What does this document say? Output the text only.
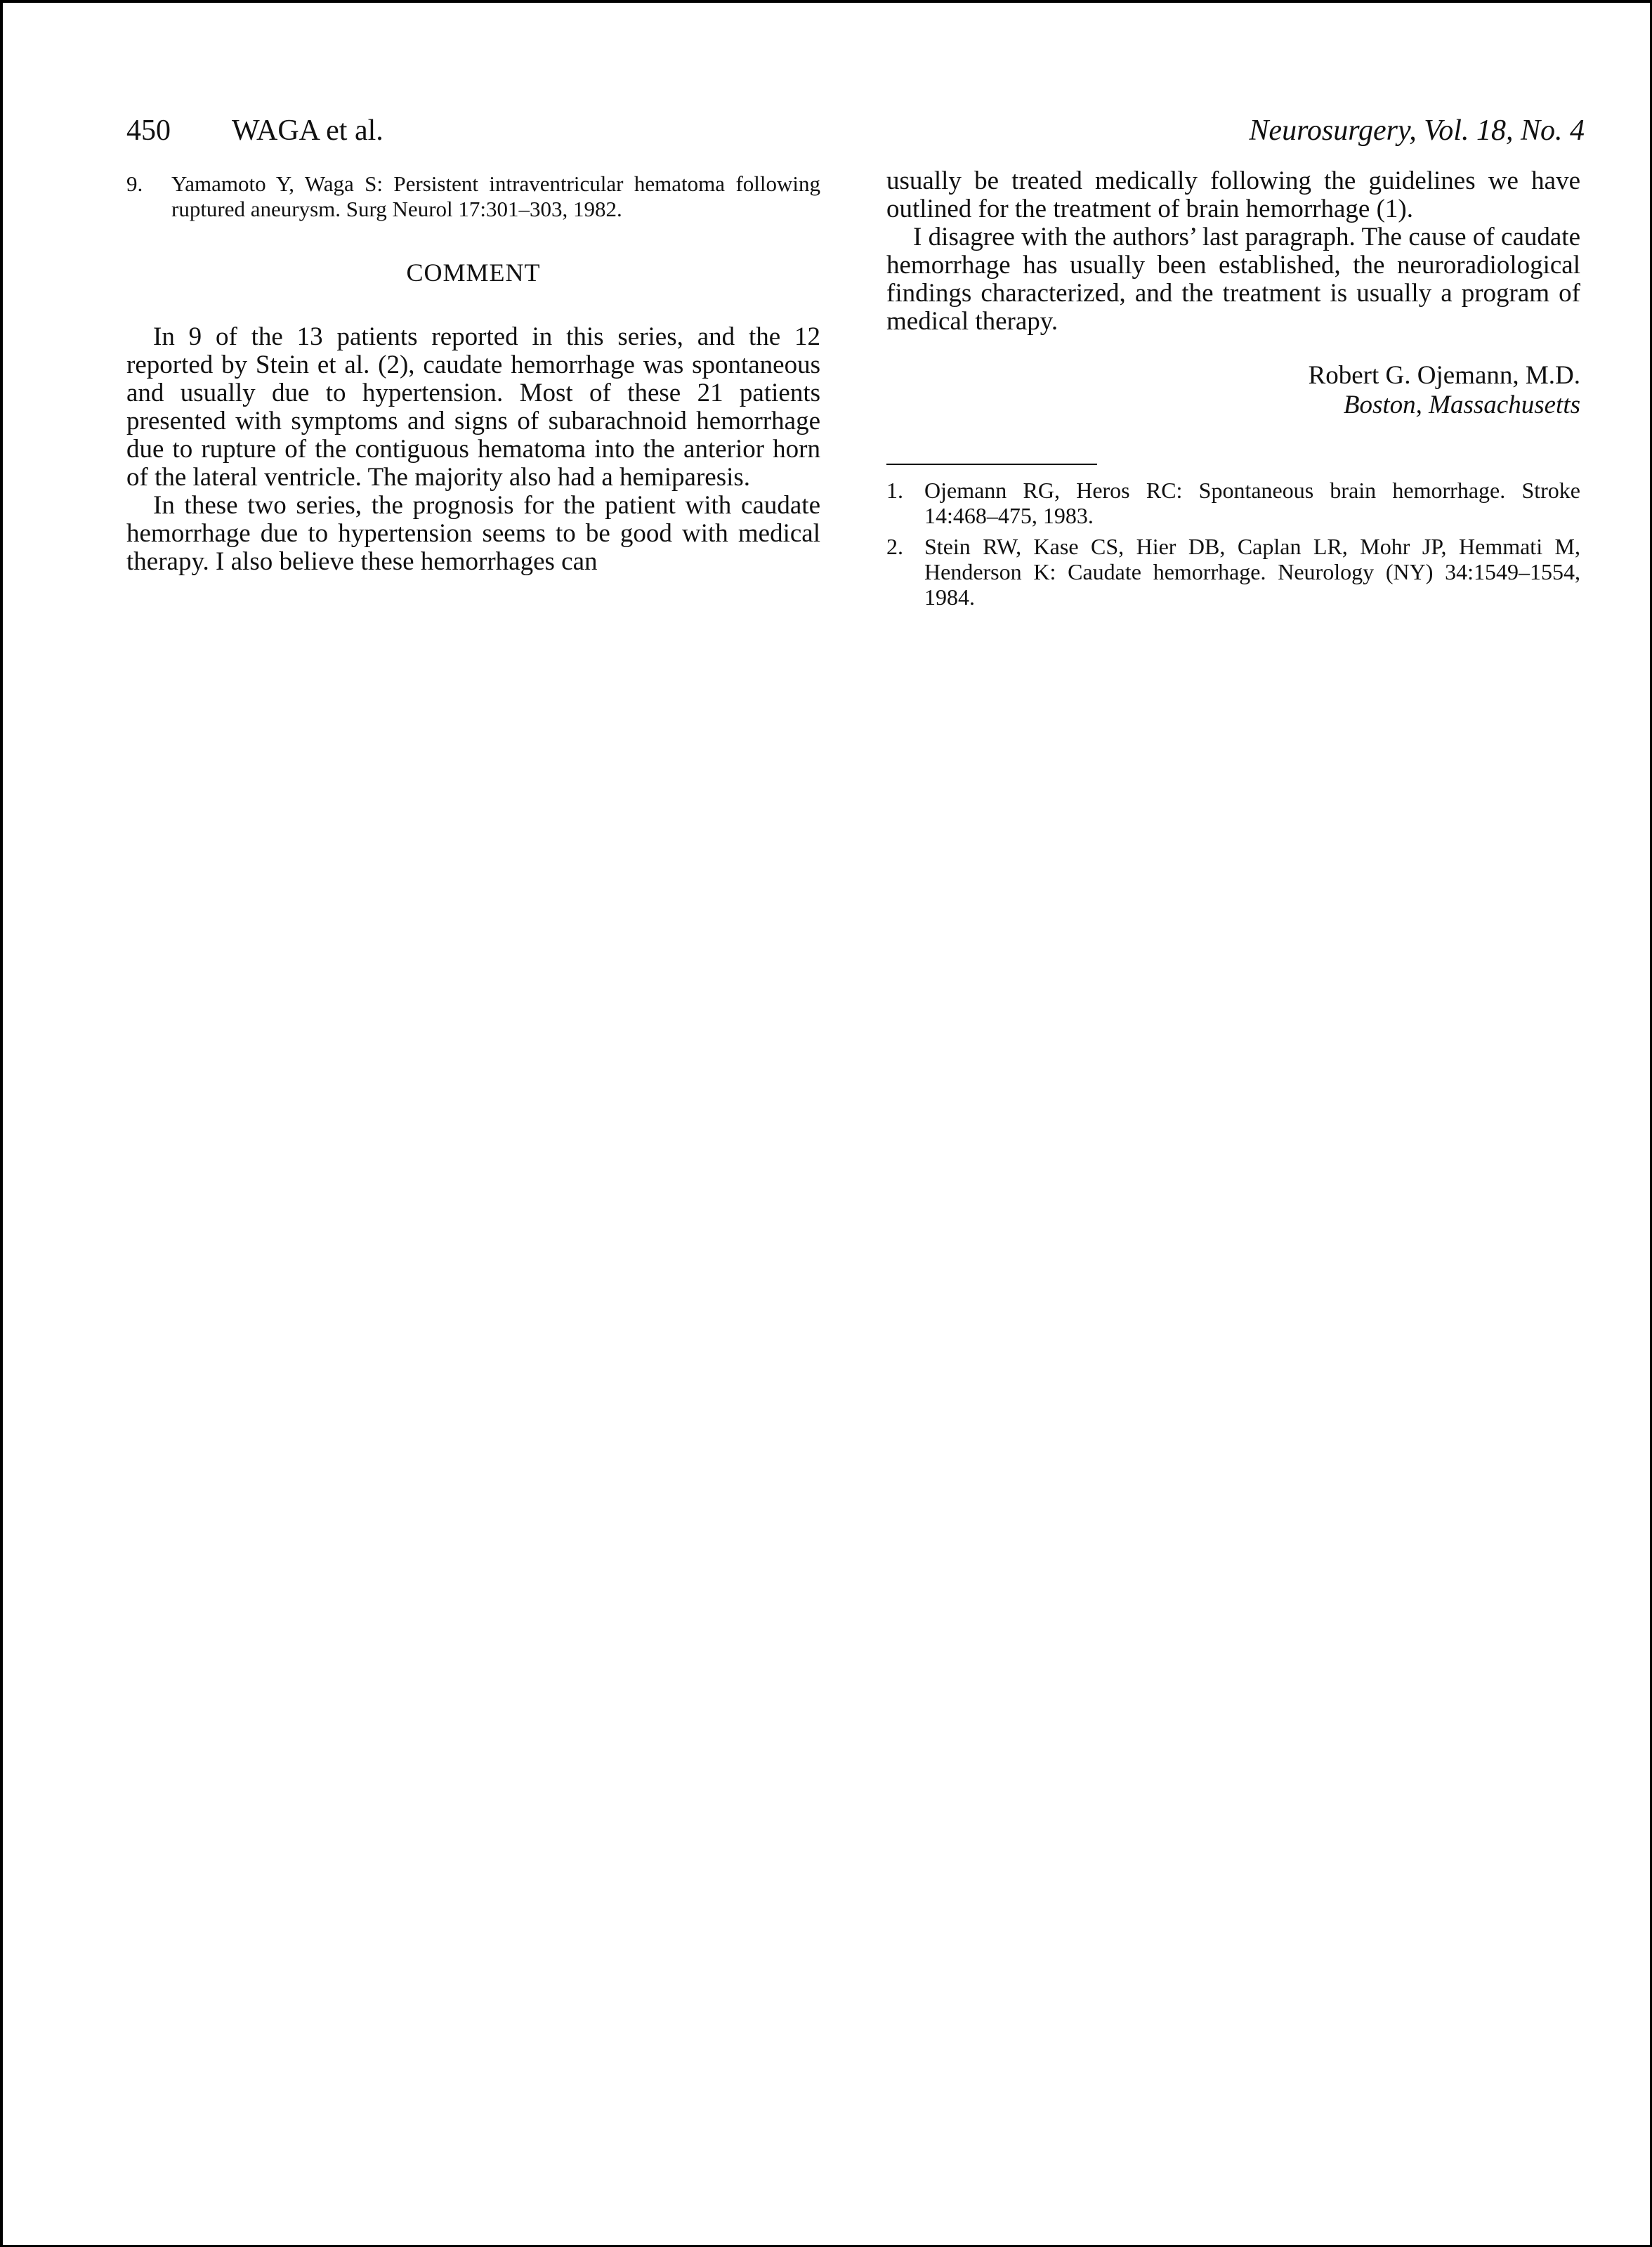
450 WAGA et al.	Neurosurgery, Vol. 18, No. 4
9. Yamamoto Y, Waga S: Persistent intraventricular hematoma following ruptured aneurysm. Surg Neurol 17:301–303, 1982.
COMMENT

In 9 of the 13 patients reported in this series, and the 12 reported by Stein et al. (2), caudate hemorrhage was spontaneous and usually due to hypertension. Most of these 21 patients presented with symptoms and signs of subarachnoid hemorrhage due to rupture of the contiguous hematoma into the anterior horn of the lateral ventricle. The majority also had a hemiparesis.

In these two series, the prognosis for the patient with caudate hemorrhage due to hypertension seems to be good with medical therapy. I also believe these hemorrhages can

usually be treated medically following the guidelines we have outlined for the treatment of brain hemorrhage (1).

I disagree with the authors’ last paragraph. The cause of caudate hemorrhage has usually been established, the neuroradiological findings characterized, and the treatment is usually a program of medical therapy.

Robert G. Ojemann, M.D.
Boston, Massachusetts
1. Ojemann RG, Heros RC: Spontaneous brain hemorrhage. Stroke 14:468–475, 1983.
2. Stein RW, Kase CS, Hier DB, Caplan LR, Mohr JP, Hemmati M, Henderson K: Caudate hemorrhage. Neurology (NY) 34:1549–1554, 1984.
